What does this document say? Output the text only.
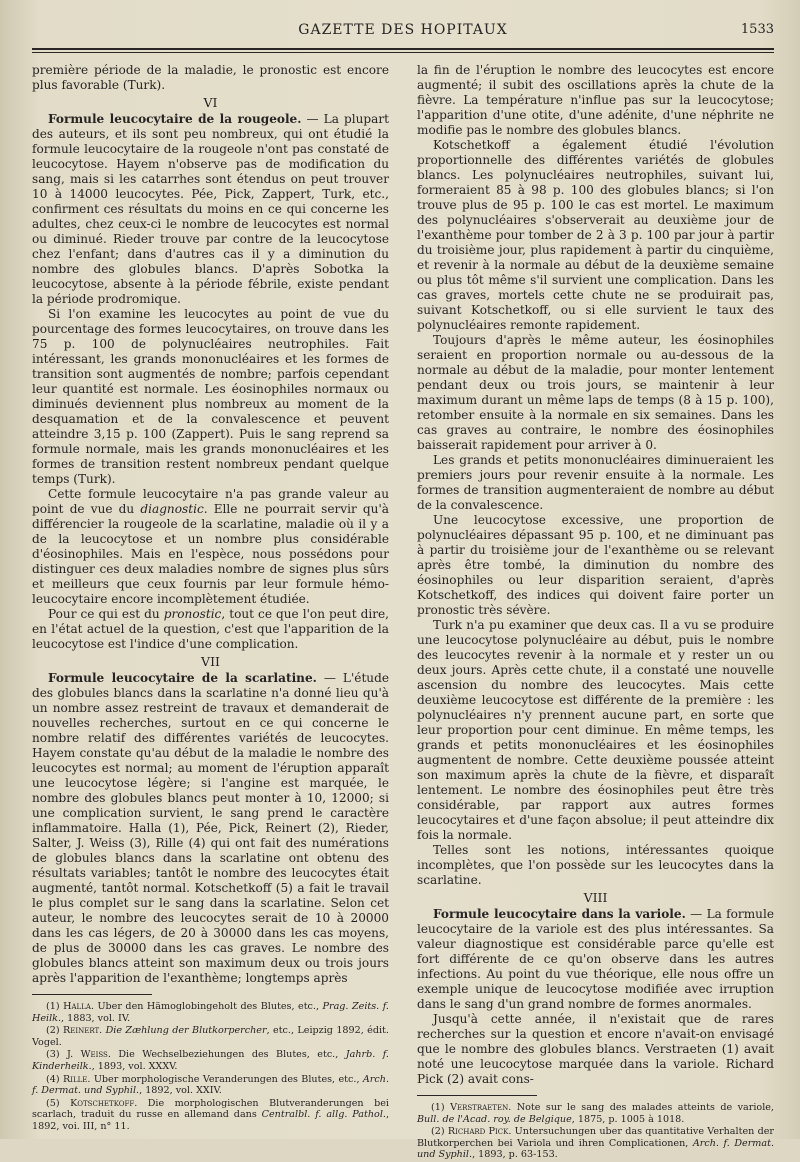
GAZETTE DES HOPITAUX	1533

première période de la maladie, le pronostic est encore plus favorable (Turk).

VI

Formule leucocytaire de la rougeole. — La plupart des auteurs, et ils sont peu nombreux, qui ont étudié la formule leucocytaire de la rougeole n'ont pas constaté de leucocytose. Hayem n'observe pas de modification du sang, mais si les catarrhes sont étendus on peut trouver 10 à 14000 leucocytes. Pée, Pick, Zappert, Turk, etc., confirment ces résultats du moins en ce qui concerne les adultes, chez ceux-ci le nombre de leucocytes est normal ou diminué. Rieder trouve par contre de la leucocytose chez l'enfant; dans d'autres cas il y a diminution du nombre des globules blancs. D'après Sobotka la leucocytose, absente à la période fébrile, existe pendant la période prodromique.

Si l'on examine les leucocytes au point de vue du pourcentage des formes leucocytaires, on trouve dans les 75 p. 100 de polynucléaires neutrophiles. Fait intéressant, les grands mononucléaires et les formes de transition sont augmentés de nombre; parfois cependant leur quantité est normale. Les éosinophiles normaux ou diminués deviennent plus nombreux au moment de la desquamation et de la convalescence et peuvent atteindre 3,15 p. 100 (Zappert). Puis le sang reprend sa formule normale, mais les grands mononucléaires et les formes de transition restent nombreux pendant quelque temps (Turk).

Cette formule leucocytaire n'a pas grande valeur au point de vue du diagnostic. Elle ne pourrait servir qu'à différencier la rougeole de la scarlatine, maladie où il y a de la leucocytose et un nombre plus considérable d'éosinophiles. Mais en l'espèce, nous possédons pour distinguer ces deux maladies nombre de signes plus sûrs et meilleurs que ceux fournis par leur formule hémo-leucocytaire encore incomplètement étudiée.

Pour ce qui est du pronostic, tout ce que l'on peut dire, en l'état actuel de la question, c'est que l'apparition de la leucocytose est l'indice d'une complication.

VII

Formule leucocytaire de la scarlatine. — L'étude des globules blancs dans la scarlatine n'a donné lieu qu'à un nombre assez restreint de travaux et demanderait de nouvelles recherches, surtout en ce qui concerne le nombre relatif des différentes variétés de leucocytes. Hayem constate qu'au début de la maladie le nombre des leucocytes est normal; au moment de l'éruption apparaît une leucocytose légère; si l'angine est marquée, le nombre des globules blancs peut monter à 10, 12000; si une complication survient, le sang prend le caractère inflammatoire. Halla (1), Pée, Pick, Reinert (2), Rieder, Salter, J. Weiss (3), Rille (4) qui ont fait des numérations de globules blancs dans la scarlatine ont obtenu des résultats variables; tantôt le nombre des leucocytes était augmenté, tantôt normal. Kotschetkoff (5) a fait le travail le plus complet sur le sang dans la scarlatine. Selon cet auteur, le nombre des leucocytes serait de 10 à 20000 dans les cas légers, de 20 à 30000 dans les cas moyens, de plus de 30000 dans les cas graves. Le nombre des globules blancs atteint son maximum deux ou trois jours après l'apparition de l'exanthème; longtemps après

(1) Halla. Uber den Hämoglobingeholt des Blutes, etc., Prag. Zeits. f. Heilk., 1883, vol. IV.

(2) Reinert. Die Zæhlung der Blutkorpercher, etc., Leipzig 1892, édit. Vogel.

(3) J. Weiss. Die Wechselbeziehungen des Blutes, etc., Jahrb. f. Kinderheilk., 1893, vol. XXXV.

(4) Rille. Uber morphologische Veranderungen des Blutes, etc., Arch. f. Dermat. und Syphil., 1892, vol. XXIV.

(5) Kotschetkoff. Die morphologischen Blutveranderungen bei scarlach, traduit du russe en allemand dans Centralbl. f. allg. Pathol., 1892, voi. III, n° 11.

la fin de l'éruption le nombre des leucocytes est encore augmenté; il subit des oscillations après la chute de la fièvre. La température n'influe pas sur la leucocytose; l'apparition d'une otite, d'une adénite, d'une néphrite ne modifie pas le nombre des globules blancs.

Kotschetkoff a également étudié l'évolution proportionnelle des différentes variétés de globules blancs. Les polynucléaires neutrophiles, suivant lui, formeraient 85 à 98 p. 100 des globules blancs; si l'on trouve plus de 95 p. 100 le cas est mortel. Le maximum des polynucléaires s'observerait au deuxième jour de l'exanthème pour tomber de 2 à 3 p. 100 par jour à partir du troisième jour, plus rapidement à partir du cinquième, et revenir à la normale au début de la deuxième semaine ou plus tôt même s'il survient une complication. Dans les cas graves, mortels cette chute ne se produirait pas, suivant Kotschetkoff, ou si elle survient le taux des polynucléaires remonte rapidement.

Toujours d'après le même auteur, les éosinophiles seraient en proportion normale ou au-dessous de la normale au début de la maladie, pour monter lentement pendant deux ou trois jours, se maintenir à leur maximum durant un même laps de temps (8 à 15 p. 100), retomber ensuite à la normale en six semaines. Dans les cas graves au contraire, le nombre des éosinophiles baisserait rapidement pour arriver à 0.

Les grands et petits mononucléaires diminueraient les premiers jours pour revenir ensuite à la normale. Les formes de transition augmenteraient de nombre au début de la convalescence.

Une leucocytose excessive, une proportion de polynucléaires dépassant 95 p. 100, et ne diminuant pas à partir du troisième jour de l'exanthème ou se relevant après être tombé, la diminution du nombre des éosinophiles ou leur disparition seraient, d'après Kotschetkoff, des indices qui doivent faire porter un pronostic très sévère.

Turk n'a pu examiner que deux cas. Il a vu se produire une leucocytose polynucléaire au début, puis le nombre des leucocytes revenir à la normale et y rester un ou deux jours. Après cette chute, il a constaté une nouvelle ascension du nombre des leucocytes. Mais cette deuxième leucocytose est différente de la première : les polynucléaires n'y prennent aucune part, en sorte que leur proportion pour cent diminue. En même temps, les grands et petits mononucléaires et les éosinophiles augmentent de nombre. Cette deuxième poussée atteint son maximum après la chute de la fièvre, et disparaît lentement. Le nombre des éosinophiles peut être très considérable, par rapport aux autres formes leucocytaires et d'une façon absolue; il peut atteindre dix fois la normale.

Telles sont les notions, intéressantes quoique incomplètes, que l'on possède sur les leucocytes dans la scarlatine.

VIII

Formule leucocytaire dans la variole. — La formule leucocytaire de la variole est des plus intéressantes. Sa valeur diagnostique est considérable parce qu'elle est fort différente de ce qu'on observe dans les autres infections. Au point du vue théorique, elle nous offre un exemple unique de leucocytose modifiée avec irruption dans le sang d'un grand nombre de formes anormales.

Jusqu'à cette année, il n'existait que de rares recherches sur la question et encore n'avait-on envisagé que le nombre des globules blancs. Verstraeten (1) avait noté une leucocytose marquée dans la variole. Richard Pick (2) avait cons-

(1) Verstraeten. Note sur le sang des malades atteints de variole, Bull. de l'Acad. roy. de Belgique, 1875, p. 1005 à 1018.

(2) Richard Pick. Untersuchungen uber das quantitative Verhalten der Blutkorperchen bei Variola und ihren Complicationen, Arch. f. Dermat. und Syphil., 1893, p. 63-153.
